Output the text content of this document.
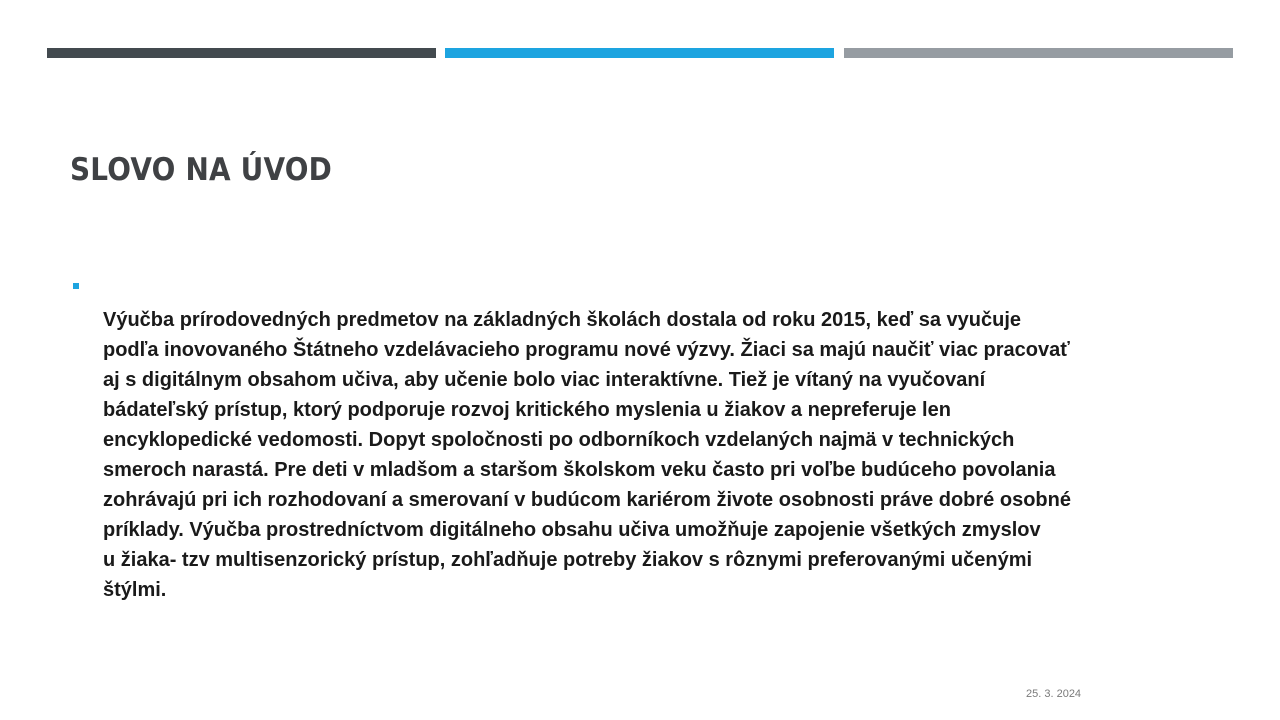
SLOVO NA ÚVOD

Výučba prírodovedných predmetov na základných školách dostala od roku 2015, keď sa vyučuje
podľa inovovaného Štátneho vzdelávacieho programu nové výzvy. Žiaci sa majú naučiť viac pracovať
aj s digitálnym obsahom učiva, aby učenie bolo viac interaktívne. Tiež je vítaný na vyučovaní
bádateľský prístup, ktorý podporuje rozvoj kritického myslenia u žiakov a nepreferuje len
encyklopedické vedomosti. Dopyt spoločnosti po odborníkoch vzdelaných najmä v technických
smeroch narastá. Pre deti v mladšom a staršom školskom veku často pri voľbe budúceho povolania
zohrávajú pri ich rozhodovaní a smerovaní v budúcom kariérom živote osobnosti práve dobré osobné
príklady. Výučba prostredníctvom digitálneho obsahu učiva umožňuje zapojenie všetkých zmyslov
u žiaka- tzv multisenzorický prístup, zohľadňuje potreby žiakov s rôznymi preferovanými učenými
štýlmi.

25. 3. 2024
